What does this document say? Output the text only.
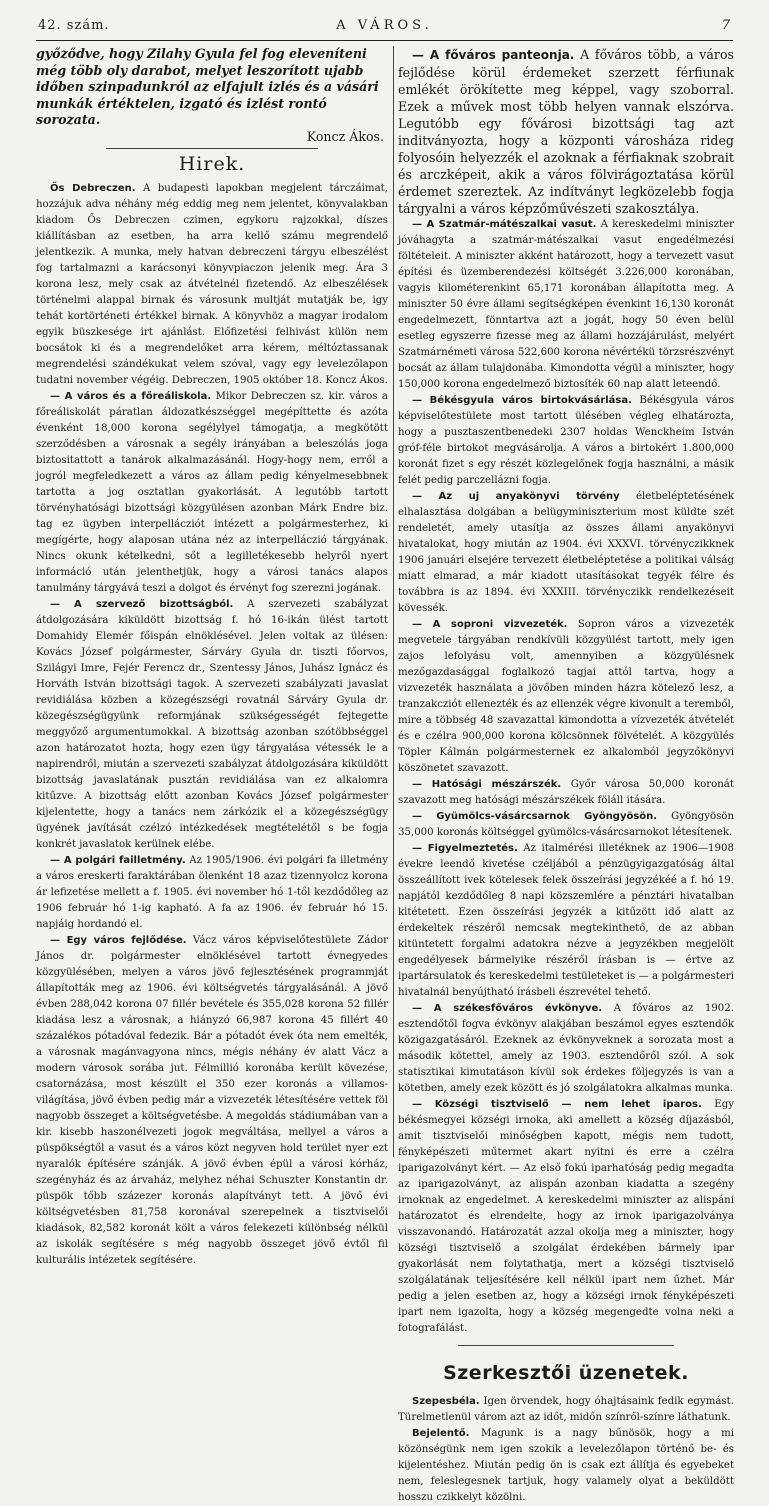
42. szám.	A VÁROS.	7

győződve, hogy Zilahy Gyula fel fog eleveníteni még több oly darabot, melyet leszorított ujabb időben szinpadunkról az elfajult izlés és a vásári munkák értéktelen, izgató és izlést rontó sorozata.

Koncz Ákos.

Hirek.

Ős Debreczen. A budapesti lapokban megjelent tárczáimat, hozzájuk adva néhány még eddig meg nem jelentet, könyvalakban kiadom Ős Debreczen czimen, egykoru rajzokkal, díszes kiállításban az esetben, ha arra kellő számu megrendelő jelentkezik. A munka, mely hatvan debreczeni tárgyu elbeszélést fog tartalmazni a karácsonyi könyvpiaczon jelenik meg. Ára 3 korona lesz, mely csak az átvételnél fizetendő. Az elbeszélések történelmi alappal birnak és városunk multját mutatják be, igy tehát kortörténeti értékkel birnak. A könyvhöz a magyar irodalom egyik büszkesége irt ajánlást. Előfizetési felhivást külön nem bocsátok ki és a megrendelőket arra kérem, méltóztassanak megrendelési szándékukat velem szóval, vagy egy levelezőlapon tudatni november végéig. Debreczen, 1905 október 18. Koncz Ákos.

— A város és a főreáliskola. Mikor Debreczen sz. kir. város a főreáliskolát páratlan áldozatkészséggel megépíttette és azóta évenként 18,000 korona segélylyel támogatja, a megkötött szerződésben a városnak a segély irányában a beleszólás joga biztositattott a tanárok alkalmazásánál. Hogy-hogy nem, erről a jogról megfeledkezett a város az állam pedig kényelmesebbnek tartotta a jog osztatlan gyakorlását. A legutóbb tartott törvényhatósági bizottsági közgyülésen azonban Márk Endre biz. tag ez ügyben interpellácziót intézett a polgármesterhez, ki megígérte, hogy alaposan utána néz az interpelláczió tárgyának. Nincs okunk kételkedni, sőt a legilletékesebb helyről nyert információ után jelenthetjük, hogy a városi tanács alapos tanulmány tárgyává teszi a dolgot és érvényt fog szerezni jogának.

— A szervező bizottságból. A szervezeti szabályzat átdolgozására kiküldött bizottság f. hó 16-ikán ülést tartott Domahidy Elemér főispán elnöklésével. Jelen voltak az ülésen: Kovács József polgármester, Sárváry Gyula dr. tiszti főorvos, Szilágyi Imre, Fejér Ferencz dr., Szentessy János, Juhász Ignácz és Horváth István bizottsági tagok. A szervezeti szabályzati javaslat revidiálása közben a közegészségi rovatnál Sárváry Gyula dr. közegészségügyünk reformjának szükségességét fejtegette meggyőző argumentumokkal. A bizottság azonban szótöbbséggel azon határozatot hozta, hogy ezen ügy tárgyalása vétessék le a napirendről, miután a szervezeti szabályzat átdolgozására kiküldött bizottság javaslatának pusztán revidiálása van ez alkalomra kitűzve. A bizottság előtt azonban Kovács József polgármester kijelentette, hogy a tanács nem zárkózik el a közegészségügy ügyének javítását czélzó intézkedések megtételétől s be fogja konkrét javaslatok kerülnek elébe.

— A polgári failletmény. Az 1905/1906. évi polgári fa illetmény a város ereskerti faraktárában ölenként 18 azaz tizennyolcz korona ár lefizetése mellett a f. 1905. évi november hó 1-től kezdődőleg az 1906 február hó 1-ig kapható. A fa az 1906. év február hó 15. napjáig hordandó el.

— Egy város fejlődése. Vácz város képviselőtestülete Zádor János dr. polgármester elnöklésével tartott évnegyedes közgyülésében, melyen a város jövő fejlesztésének programmját állapították meg az 1906. évi költségvetés tárgyalásánál. A jövő évben 288,042 korona 07 fillér bevétele és 355,028 korona 52 fillér kiadása lesz a városnak, a hiányzó 66,987 korona 45 fillért 40 százalékos pótadóval fedezik. Bár a pótadót évek óta nem emelték, a városnak magánvagyona nincs, mégis néhány év alatt Vácz a modern városok sorába jut. Félmillió koronába került kövezése, csatornázása, most készült el 350 ezer koronás a villamos-világítása, jövő évben pedig már a vizvezeték létesítésére vettek föl nagyobb összeget a költségvetésbe. A megoldás stádiumában van a kir. kisebb haszonélvezeti jogok megváltása, mellyel a város a püspökségtől a vasut és a város közt negyven hold terület nyer ezt nyaralók építésére szánják. A jövő évben épül a városi kórház, szegényház és az árvaház, melyhez néhai Schuszter Konstantin dr. püspök tőbb százezer koronás alapítványt tett. A jövő évi költségvetésben 81,758 koronával szerepelnek a tisztviselői kiadások, 82,582 koronát költ a város felekezeti különbség nélkül az iskolák segítésére s még nagyobb összeget jövő évtől fil kulturális intézetek segítésére.

— A főváros panteonja. A főváros több, a város fejlődése körül érdemeket szerzett férfiunak emlékét örökítette meg képpel, vagy szoborral. Ezek a művek most több helyen vannak elszórva. Legutóbb egy fővárosi bizottsági tag azt inditványozta, hogy a központi városháza rideg folyosóin helyezzék el azoknak a férfiaknak szobrait és arczképeit, akik a város fölvirágoztatása körül érdemet szereztek. Az indítványt legközelebb fogja tárgyalni a város képzőművészeti szakosztálya.

— A Szatmár-mátészalkai vasut. A kereskedelmi miniszter jóváhagyta a szatmár-mátészalkai vasut engedélmezési föltételeit. A miniszter akként határozott, hogy a tervezett vasut építési és üzemberendezési költségét 3.226,000 koronában, vagyis kilométerenkint 65,171 koronában állapította meg. A miniszter 50 évre állami segítségképen évenkint 16,130 koronát engedelmezett, fönntartva azt a jogát, hogy 50 éven belül esetleg egyszerre fizesse meg az állami hozzájárulást, melyért Szatmárnémeti városa 522,600 korona névértékü törzsrészvényt bocsát az állam tulajdonába. Kimondotta végül a miniszter, hogy 150,000 korona engedelmező biztosíték 60 nap alatt leteendő.

— Békésgyula város birtokvásárlása. Békésgyula város képviselőtestülete most tartott ülésében végleg elhatározta, hogy a pusztaszentbenedeki 2307 holdas Wenckheim István gróf-féle birtokot megvásárolja. A város a birtokért 1.800,000 koronát fizet s egy részét közlegelőnek fogja használni, a másik felét pedig parczellázni fogja.

— Az uj anyakönyvi törvény életbeléptetésének elhalasztása dolgában a belügyminiszterium most küldte szét rendeletét, amely utasítja az összes állami anyakönyvi hivatalokat, hogy miután az 1904. évi XXXVI. törvényczikknek 1906 januári elsejére tervezett életbeléptetése a politikai válság miatt elmarad, a már kiadott utasításokat tegyék félre és továbbra is az 1894. évi XXXIII. törvényczikk rendelkezéseit kövessék.

— A soproni vizvezeték. Sopron város a vizvezeték megvetele tárgyában rendkívüli közgyülést tartott, mely igen zajos lefolyásu volt, amennyiben a közgyülésnek mezőgazdasággal foglalkozó tagjai attól tartva, hogy a vizvezeték használata a jövőben minden házra kötelező lesz, a tranzakcziót ellenezték és az ellenzék végre kivonult a teremből, mire a többség 48 szavazattal kimondotta a vízvezeték átvételét és e czélra 900,000 korona kölcsönnek fölvételét. A közgyülés Töpler Kálmán polgármesternek ez alkalomból jegyzőkönyvi köszönetet szavazott.

— Hatósági mészárszék. Győr városa 50,000 koronát szavazott meg hatósági mészárszékek föláll itására.

— Gyümölcs-vásárcsarnok Gyöngyösön. Gyöngyösön 35,000 koronás költséggel gyümölcs-vásárcsarnokot létesítenek.

— Figyelmeztetés. Az italmérési illetéknek az 1906—1908 évekre leendő kivetése czéljából a pénzügyigazgatóság által összeállított ivek kötelesek felek összeírási jegyzékéé a f. hó 19. napjától kezdődőleg 8 napi közszemlére a pénztári hivatalban kitétetett. Ezen összeírási jegyzék a kitűzött idő alatt az érdekeltek részéről nemcsak megtekinthető, de az abban kitüntetett forgalmi adatokra nézve a jegyzékben megjelölt engedélyesek bármelyike részéről írásban is — értve az ipartársulatok és kereskedelmi testületeket is — a polgármesteri hivatalnál benyújtható írásbeli észrevétel tehető.

— A székesfőváros évkönyve. A főváros az 1902. esztendőtől fogva évkönyv alakjában beszámol egyes esztendők közigazgatásáról. Ezeknek az évkönyveknek a sorozata most a második kötettel, amely az 1903. esztendőről szól. A sok statisztikai kimutatáson kívül sok érdekes följegyzés is van a kötetben, amely ezek között és jó szolgálatokra alkalmas munka.

— Községi tisztviselő — nem lehet iparos. Egy békésmegyei községi irnoka, aki amellett a község díjazásból, amit tisztviselői minőségben kapott, mégis nem tudott, fényképészeti műtermet akart nyitni és erre a czélra iparigazolványt kért. — Az első fokú iparhatóság pedig megadta az iparigazolványt, az alispán azonban kiadatta a szegény irnoknak az engedelmet. A kereskedelmi miniszter az alispáni határozatot és elrendelte, hogy az irnok iparigazolványa visszavonandó. Határozatát azzal okolja meg a miniszter, hogy községi tisztviselő a szolgálat érdekében bármely ipar gyakorlását nem folytathatja, mert a községi tisztviselő szolgálatának teljesítésére kell nélkül ipart nem űzhet. Már pedig a jelen esetben az, hogy a községi irnok fényképészeti ipart nem igazolta, hogy a község megengedte volna neki a fotografálást.

Szerkesztői üzenetek.

Szepesbéla. Igen örvendek, hogy óhajtásaink fedik egymást. Türelmetlenül várom azt az időt, midőn színről-színre láthatunk.

Bejelentő. Magunk is a nagy bűnösök, hogy a mi közönségünk nem igen szokik a levelezőlapon történő be- és kijelentéshez. Miután pedig ön is csak ezt állítja és egyebeket nem, feleslegesnek tartjuk, hogy valamely olyat a beküldött hosszu czikkelyt közölni.
